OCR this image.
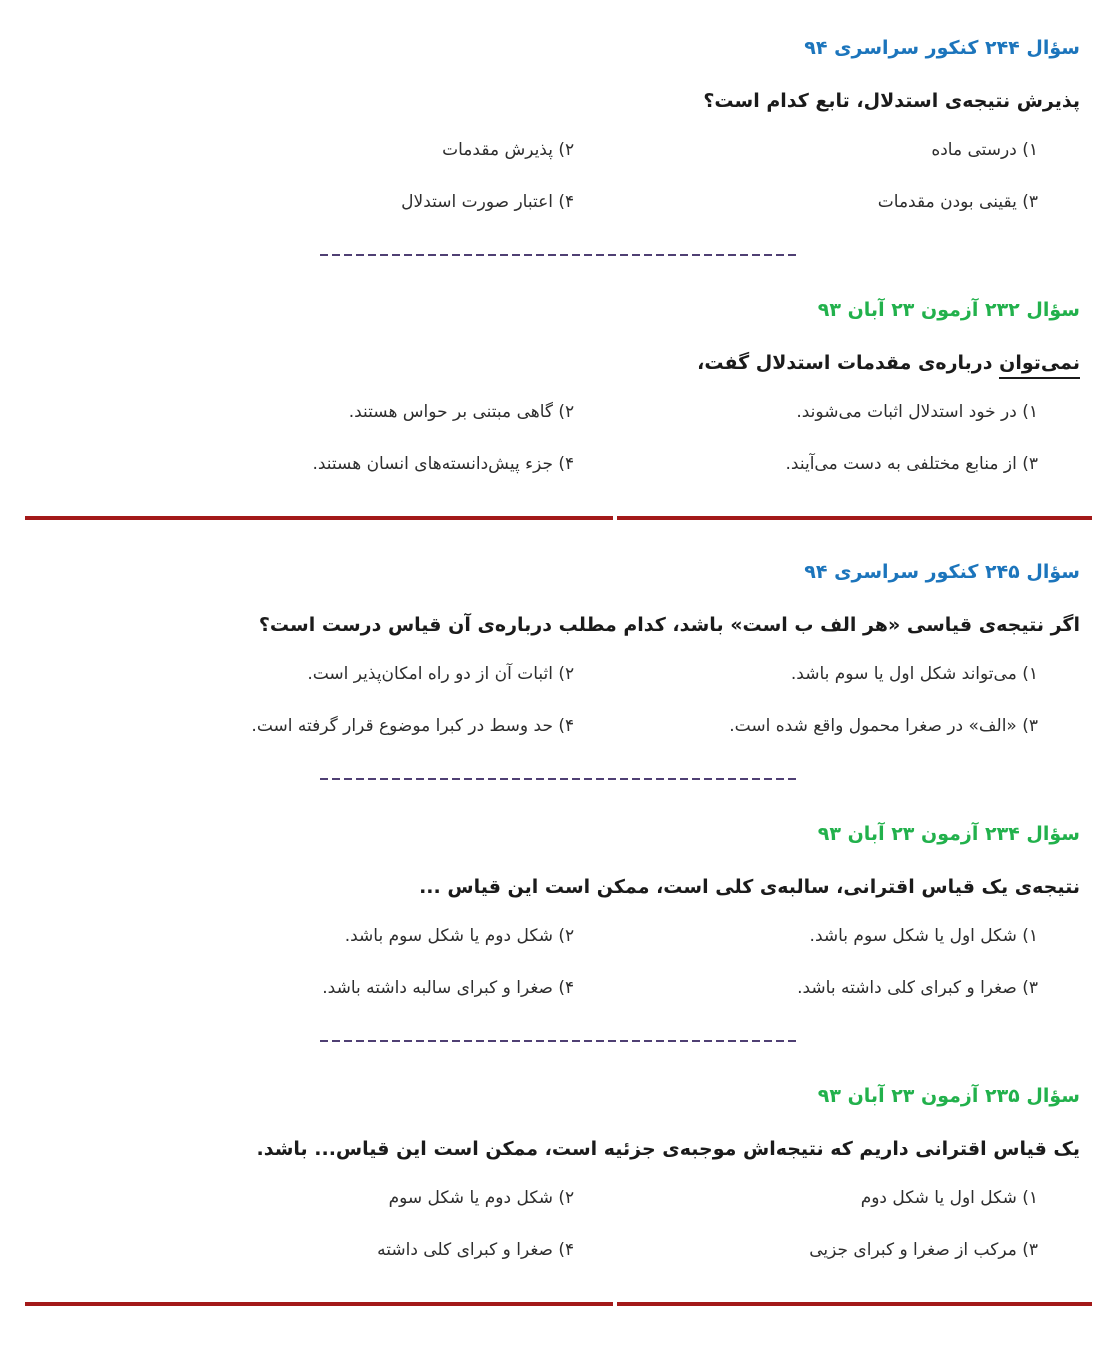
سؤال ۲۴۴ کنکور سراسری ۹۴

پذیرش نتیجه‌ی استدلال، تابع کدام است؟

۱) درستی ماده
۲) پذیرش مقدمات
۳) یقینی بودن مقدمات
۴) اعتبار صورت استدلال
سؤال ۲۳۲ آزمون ۲۳ آبان ۹۳

نمی‌توان درباره‌ی مقدمات استدلال گفت،

۱) در خود استدلال اثبات می‌شوند.
۲) گاهی مبتنی بر حواس هستند.
۳) از منابع مختلفی به دست می‌آیند.
۴) جزء پیش‌دانسته‌های انسان هستند.
سؤال ۲۴۵ کنکور سراسری ۹۴

اگر نتیجه‌ی قیاسی «هر الف ب است» باشد، کدام مطلب درباره‌ی آن قیاس درست است؟

۱) می‌تواند شکل اول یا سوم باشد.
۲) اثبات آن از دو راه امکان‌پذیر است.
۳) «الف» در صغرا محمول واقع شده است.
۴) حد وسط در کبرا موضوع قرار گرفته است.
سؤال ۲۳۴ آزمون ۲۳ آبان ۹۳

نتیجه‌ی یک قیاس اقترانی، سالبه‌ی کلی است، ممکن است این قیاس ...

۱) شکل اول یا شکل سوم باشد.
۲) شکل دوم یا شکل سوم باشد.
۳) صغرا و کبرای کلی داشته باشد.
۴) صغرا و کبرای سالبه داشته باشد.
سؤال ۲۳۵ آزمون ۲۳ آبان ۹۳

یک قیاس اقترانی داریم که نتیجه‌اش موجبه‌ی جزئیه است، ممکن است این قیاس... باشد.

۱) شکل اول یا شکل دوم
۲) شکل دوم یا شکل سوم
۳) مرکب از صغرا و کبرای جزیی
۴) صغرا و کبرای کلی داشته
